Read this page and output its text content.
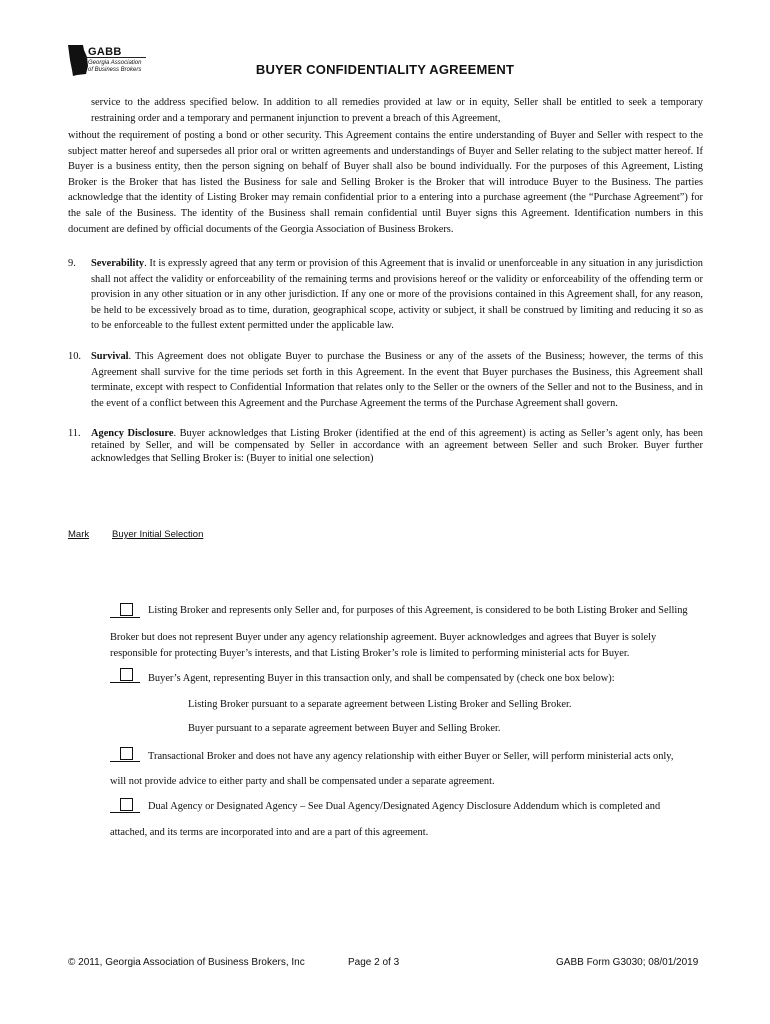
GABB
Georgia Association
of Business Brokers	BUYER CONFIDENTIALITY AGREEMENT
service to the address specified below. In addition to all remedies provided at law or in equity, Seller shall be entitled to seek a temporary restraining order and a temporary and permanent injunction to prevent a breach of this Agreement,
without the requirement of posting a bond or other security. This Agreement contains the entire understanding of Buyer and Seller with respect to the subject matter hereof and supersedes all prior oral or written agreements and understandings of Buyer and Seller relating to the subject matter hereof. If Buyer is a business entity, then the person signing on behalf of Buyer shall also be bound individually. For the purposes of this Agreement, Listing Broker is the Broker that has listed the Business for sale and Selling Broker is the Broker that will introduce Buyer to the Business. The parties acknowledge that the identity of Listing Broker may remain confidential prior to a entering into a purchase agreement (the “Purchase Agreement”) for the sale of the Business. The identity of the Business shall remain confidential until Buyer signs this Agreement. Identification numbers in this document are defined by official documents of the Georgia Association of Business Brokers.
9. Severability. It is expressly agreed that any term or provision of this Agreement that is invalid or unenforceable in any situation in any jurisdiction shall not affect the validity or enforceability of the remaining terms and provisions hereof or the validity or enforceability of the offending term or provision in any other situation or in any other jurisdiction. If any one or more of the provisions contained in this Agreement shall, for any reason, be held to be excessively broad as to time, duration, geographical scope, activity or subject, it shall be construed by limiting and reducing it so as to be enforceable to the fullest extent permitted under the applicable law.
10. Survival. This Agreement does not obligate Buyer to purchase the Business or any of the assets of the Business; however, the terms of this Agreement shall survive for the time periods set forth in this Agreement. In the event that Buyer purchases the Business, this Agreement shall terminate, except with respect to Confidential Information that relates only to the Seller or the owners of the Seller and not to the Business, and in the event of a conflict between this Agreement and the Purchase Agreement the terms of the Purchase Agreement shall govern.
11. Agency Disclosure. Buyer acknowledges that Listing Broker (identified at the end of this agreement) is acting as Seller’s agent only, has been retained by Seller, and will be compensated by Seller in accordance with an agreement between Seller and such Broker. Buyer further acknowledges that Selling Broker is: (Buyer to initial one selection)
Mark Buyer Initial Selection
Listing Broker and represents only Seller and, for purposes of this Agreement, is considered to be both Listing Broker and Selling
Broker but does not represent Buyer under any agency relationship agreement. Buyer acknowledges and agrees that Buyer is solely
responsible for protecting Buyer’s interests, and that Listing Broker’s role is limited to performing ministerial acts for Buyer.
Buyer’s Agent, representing Buyer in this transaction only, and shall be compensated by (check one box below):
Listing Broker pursuant to a separate agreement between Listing Broker and Selling Broker.
Buyer pursuant to a separate agreement between Buyer and Selling Broker.
Transactional Broker and does not have any agency relationship with either Buyer or Seller, will perform ministerial acts only,
will not provide advice to either party and shall be compensated under a separate agreement.
Dual Agency or Designated Agency – See Dual Agency/Designated Agency Disclosure Addendum which is completed and
attached, and its terms are incorporated into and are a part of this agreement.
© 2011, Georgia Association of Business Brokers, Inc	Page 2 of 3	GABB Form G3030; 08/01/2019
